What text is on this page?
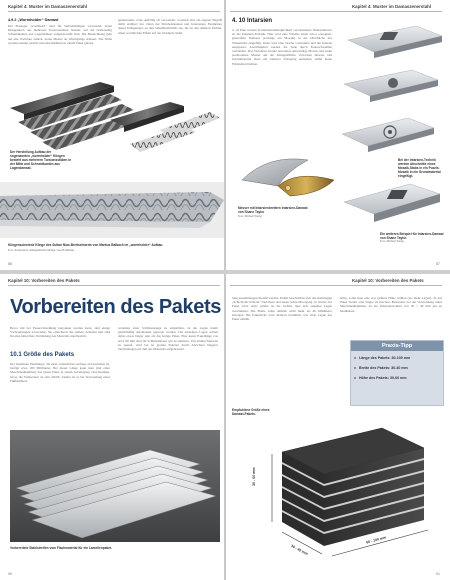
Kapitel 4: Muster im Damaszenerstahl	Kapitel 4: Muster im Damaszenerstahl
4.9.2 „Wormholder“ Damast
Der Erzeuger „wormhold“ wird für Verbundklingen verwendet, deren Klingenkern aus mehreren Torsionsstäben besteht, auf die beiderseitig Schneidkanten aus Lagendamast aufgeschweißt sind. Die Bezeichnung geht auf alte Vorbilder zurück, deren Muster an Wurmgänge erinnert. Die Stäbe werden einzeln tordiert und anschließend zu einem Paket gefasst.
gemeinsame ovale auffällig oft verwendet, wechselt sich ein eigener Begriff dafür etabliert hat. Dann der Stirnholzkanten und Intarsienen Exemplare dieses Klingentyps an den Seitenflexibilität aus, bis zu den äußeren Partien, einen wormholder Effekt auf der Oxidierte Stahl.
Der Herstellung Aufbau der sogenannten „wormholder“ Klingen besteht aus mehreren Torsionsstäben in der Mitte und Schneidkanten aus Lagendamast.
Klingenschmiede Klinge des Sultan Nias-Breitschwerts von Markus Balbach im „wormholder“ Aufbau.
Foto: Konzertfoto: Klingenmacher Klinge: Lars Hoffmann
4. 10 Intarsien
4. 10 Eine weitere Kombinationsmöglichkeit verschiedener Damastmotive ist die Intarsien-Technik. Hier wird eine Scheibe einen zuvor erzeugten, gestreiften Damasts (sonstige ein Mosaik) in die Oberfläche des Werkstücks eingefügt. Dazu wird eine Tasche vorbereitet und die Intarsie eingepasst. Anschließend werden die Teile durch Feuerschweißen verbunden. Das Verfahren erlaubt besonders aufwendige Motive und exakt positionierte Muster auf der Klingenfläche. Zwischen Intarsie und Grundmaterial muss ein sauberer Übergang entstehen, damit keine Fehlstellen bleiben.
Bei der Intarsien-Technik werden Abschnitte eines Mosaik-Stabs in ein Puzzle-Mosaik in ein Grundmaterial eingefügt.
Messer mit Intarsienbrettern Intarsien-Damast von Shane Taylor
Foto: Michael Young
Ein weiteres Beispiel für Intarsien-Damast von Shane Taylor.
Foto: Michael Young
86	87
Kapitel 10: Vorbereiten des Pakets	Kapitel 10: Vorbereiten des Pakets
Vorbereiten des Pakets
Bevor mit der Feuerschweißung begonnen werden kann, sind einige Vorbereitungen notwendig. Sie erleichtern das spätere Arbeiten und sind für eine fehlerfreie Verbindung des Materials unerlässlich.
10.1 Größe des Pakets
Der maximale Paketlänge, die einer ordentlichen Auflage zu bearbeiten ist, beträgt etwa 100 Millimeter. Bei dieser Länge kann man (mit einer Maschinenhammer) das ganze Paket in einem Arbeitsgang verschweißen, bevor die Temperatur zu sehr abfällt. Ziehen ist es bei Verwendung eines Fußhammers.
wendung einer Schlittenzange zu empfehlen, da die Lagen damit gleichmäßig aufeinander gepresst werden. Die einzelnen Lagen sollten dabei etwas länger sein als das fertige Paket. Eine kurze Paketlänge von etwa 60 mm sind im Schmiedefeuer gut zu erhitzen. Um einmal Material zu sparen, wird bei zu großen Paketen durch Abrichten längerer Verbindungen ein Teil des Materials aufgebraucht.
Vorbereitete Stahlstreifen vom Flachmaterial für ein Lamellenpaket.
lung zusammengeschweißt werden. Damit beschreiben sich das mehrlagige „Schicht-für-Schicht“-Verfahren und einen Schweißvorgang. Je breiter das Paket wird, desto größer ist die Gefahr, dass sich einzelne Lagen verschieben. Die Breite sollte deshalb nicht mehr als 40 Millimeter betragen. Die Paketdicke wird dadurch bestimmt, wie viele Lagen das Paket enthält.
nötig, sollte man eine erst größere Höhe wählen (als mehr Lagen), da das Paket breiter oder länger zu machen. Besonders bei der Verwendung eines Maschinenhammers ist ein Paketquerschnitt von 30 × 40 mm gut zu handhaben.
Praxis-Tipp
Länge des Pakets: 30-100 mm
Breite des Pakets: 30-40 mm
Höhe des Pakets: 30-60 mm
Empfohlene Größe eines Damast-Pakets.
30 - 60 mm
30 - 40 mm
60 - 100 mm
90	91
